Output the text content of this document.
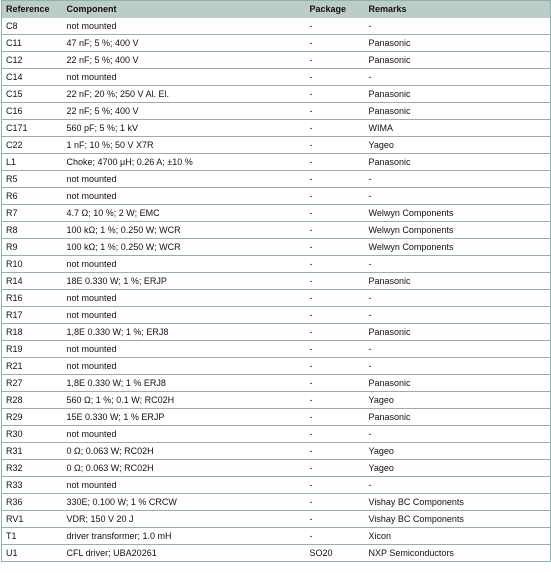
Reference	Component	Package	Remarks
C8	not mounted	-	-
C11	47 nF; 5 %; 400 V	-	Panasonic
C12	22 nF; 5 %; 400 V	-	Panasonic
C14	not mounted	-	-
C15	22 nF; 20 %; 250 V Al. El.	-	Panasonic
C16	22 nF; 5 %; 400 V	-	Panasonic
C171	560 pF; 5 %; 1 kV	-	WIMA
C22	1 nF; 10 %; 50 V X7R	-	Yageo
L1	Choke; 4700 μH; 0.26 A; ±10 %	-	Panasonic
R5	not mounted	-	-
R6	not mounted	-	-
R7	4.7 Ω; 10 %; 2 W; EMC	-	Welwyn Components
R8	100 kΩ; 1 %; 0.250 W; WCR	-	Welwyn Components
R9	100 kΩ; 1 %; 0.250 W; WCR	-	Welwyn Components
R10	not mounted	-	-
R14	18E 0.330 W; 1 %; ERJP	-	Panasonic
R16	not mounted	-	-
R17	not mounted	-	-
R18	1,8E 0.330 W; 1 %; ERJ8	-	Panasonic
R19	not mounted	-	-
R21	not mounted	-	-
R27	1,8E 0.330 W; 1 % ERJ8	-	Panasonic
R28	560 Ω; 1 %; 0.1 W; RC02H	-	Yageo
R29	15E 0.330 W; 1 % ERJP	-	Panasonic
R30	not mounted	-	-
R31	0 Ω; 0.063 W; RC02H	-	Yageo
R32	0 Ω; 0.063 W; RC02H	-	Yageo
R33	not mounted	-	-
R36	330E; 0.100 W; 1 % CRCW	-	Vishay BC Components
RV1	VDR; 150 V 20 J	-	Vishay BC Components
T1	driver transformer; 1.0 mH	-	Xicon
U1	CFL driver; UBA20261	SO20	NXP Semiconductors
